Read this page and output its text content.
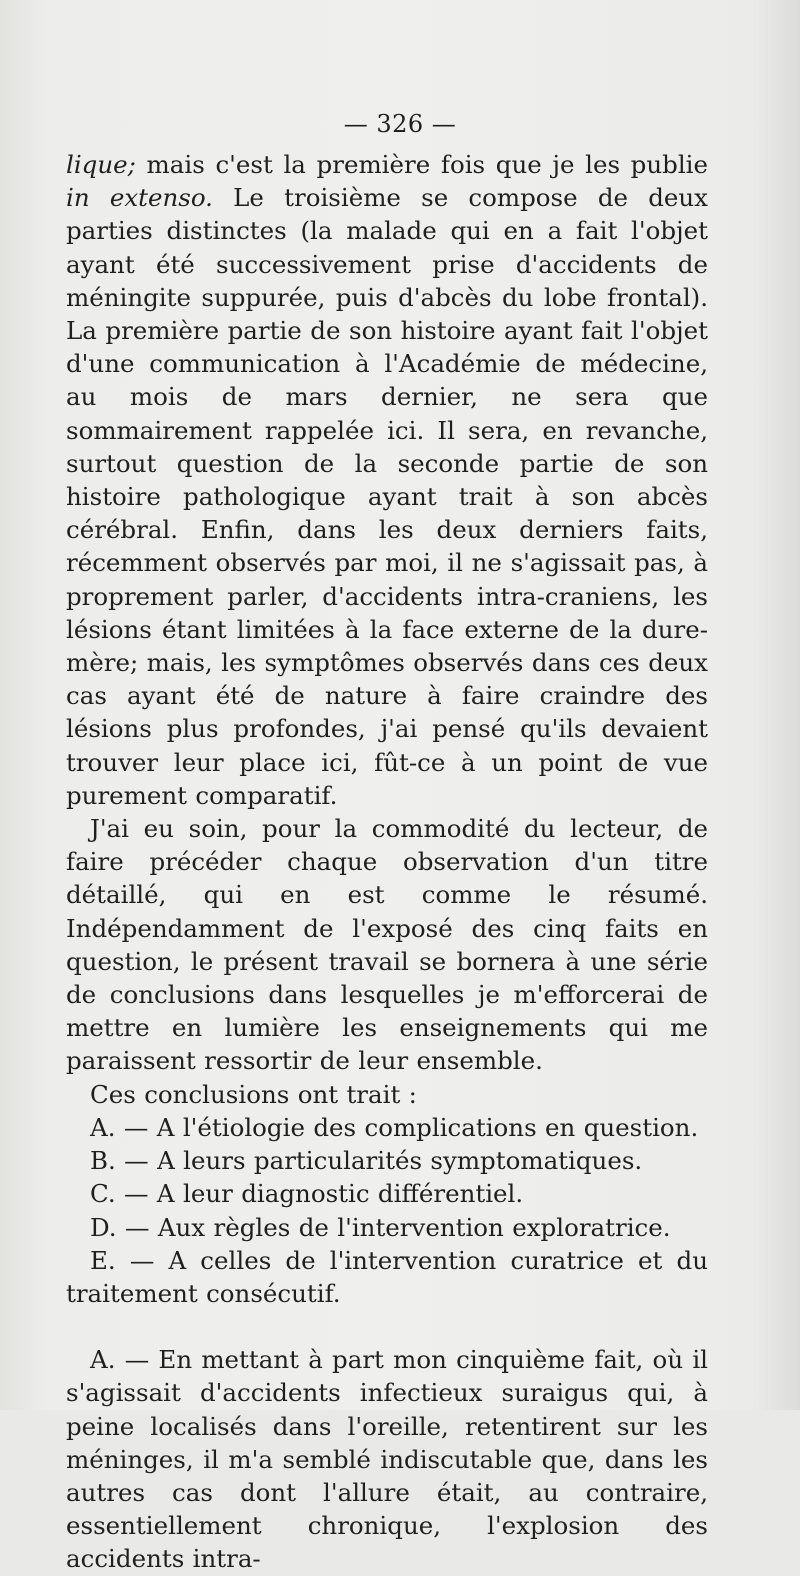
— 326 —

lique; mais c'est la première fois que je les publie in extenso. Le troisième se compose de deux parties distinctes (la malade qui en a fait l'objet ayant été successivement prise d'accidents de méningite suppurée, puis d'abcès du lobe frontal). La première partie de son histoire ayant fait l'objet d'une communication à l'Académie de médecine, au mois de mars dernier, ne sera que sommairement rappelée ici. Il sera, en revanche, surtout question de la seconde partie de son histoire pathologique ayant trait à son abcès cérébral. Enfin, dans les deux derniers faits, récemment observés par moi, il ne s'agissait pas, à proprement parler, d'accidents intra-craniens, les lésions étant limitées à la face externe de la dure-mère; mais, les symptômes observés dans ces deux cas ayant été de nature à faire craindre des lésions plus profondes, j'ai pensé qu'ils devaient trouver leur place ici, fût-ce à un point de vue purement comparatif.

J'ai eu soin, pour la commodité du lecteur, de faire précéder chaque observation d'un titre détaillé, qui en est comme le résumé. Indépendamment de l'exposé des cinq faits en question, le présent travail se bornera à une série de conclusions dans lesquelles je m'efforcerai de mettre en lumière les enseignements qui me paraissent ressortir de leur ensemble.

Ces conclusions ont trait :

A. — A l'étiologie des complications en question.

B. — A leurs particularités symptomatiques.

C. — A leur diagnostic différentiel.

D. — Aux règles de l'intervention exploratrice.

E. — A celles de l'intervention curatrice et du traitement consécutif.

A. — En mettant à part mon cinquième fait, où il s'agissait d'accidents infectieux suraigus qui, à peine localisés dans l'oreille, retentirent sur les méninges, il m'a semblé indiscutable que, dans les autres cas dont l'allure était, au contraire, essentiellement chronique, l'explosion des accidents intra-
